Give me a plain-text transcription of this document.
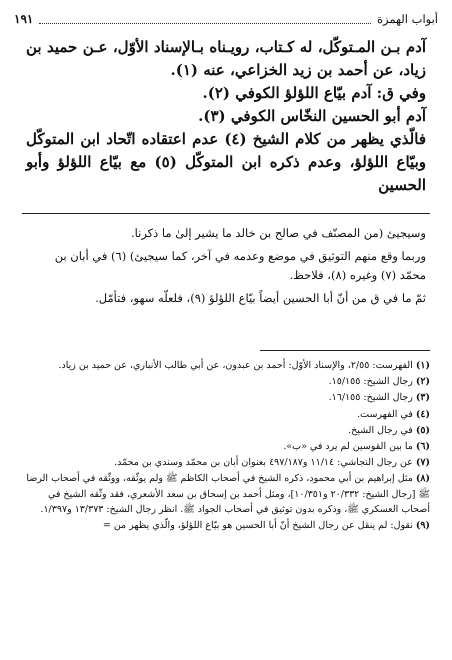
أبواب الهمزة
١٩١

آدم بـن المـتوكّل، له كـتاب، رويـناه بـالإسناد الأوّل، عـن حميد بن زياد، عن أحمد بن زيد الخزاعي، عنه (١).

وفي ق: آدم بيّاع اللؤلؤ الكوفي (٢).

آدم أبو الحسين النخّاس الكوفي (٣).

فالّذي يظهر من كلام الشيخ (٤) عدم اعتقاده اتّحاد ابن المتوكّل وبيّاع اللؤلؤ، وعدم ذكره ابن المتوكّل (٥) مع بيّاع اللؤلؤ وأبو الحسين

وسيجيئ (من المصنّف في صالح بن خالد ما يشير إلىٰ ما ذكرنا.

وربما وقع منهم التوثيق في موضع وعدمه في آخر، كما سيجيئ) (٦) في أبان بن محمّد (٧) وغيره (٨)، فلاحظ.

ثمّ ما في ق من أنّ أبا الحسين أيضاً بيّاع اللؤلؤ (٩)، فلعلّه سهو، فتأمّل.

(١) الفهرست: ٢/٥٥، والإسناد الأوّل: أحمد بن عبدون، عن أبي طالب الأنباري، عن حميد بن زياد.

(٢) رجال الشيخ: ١٥/١٥٥.

(٣) رجال الشيخ: ١٦/١٥٥.

(٤) في الفهرست.

(٥) في رجال الشيخ.

(٦) ما بين القوسين لم يرد في «ب».

(٧) عن رجال النجاشي: ١١/١٤ و٤٩٧/١٨٧ بعنوان أبان بن محمّد وسندي بن محمّد.

(٨) مثل إبراهيم بن أبي محمود، ذكره الشيخ في أصحاب الكاظم ﷺ ولم يوثّقه، ووثّقه في أصحاب الرضا ﷺ [رجال الشيخ: ٢٠/٣٣٢ و١٠/٣٥١]، ومثل أحمد بن إسحاق بن سعد الأشعري، فقد وثّقه الشيخ في أصحاب العسكري ﷺ، وذكره بدون توثيق في أصحاب الجواد ﷺ. انظر رجال الشيخ: ١٣/٣٧٣ و١/٣٩٧.

(٩) نقول: لم ينقل عن رجال الشيخ أنّ أبا الحسين هو بيّاع اللؤلؤ، والّذي يظهر من =
